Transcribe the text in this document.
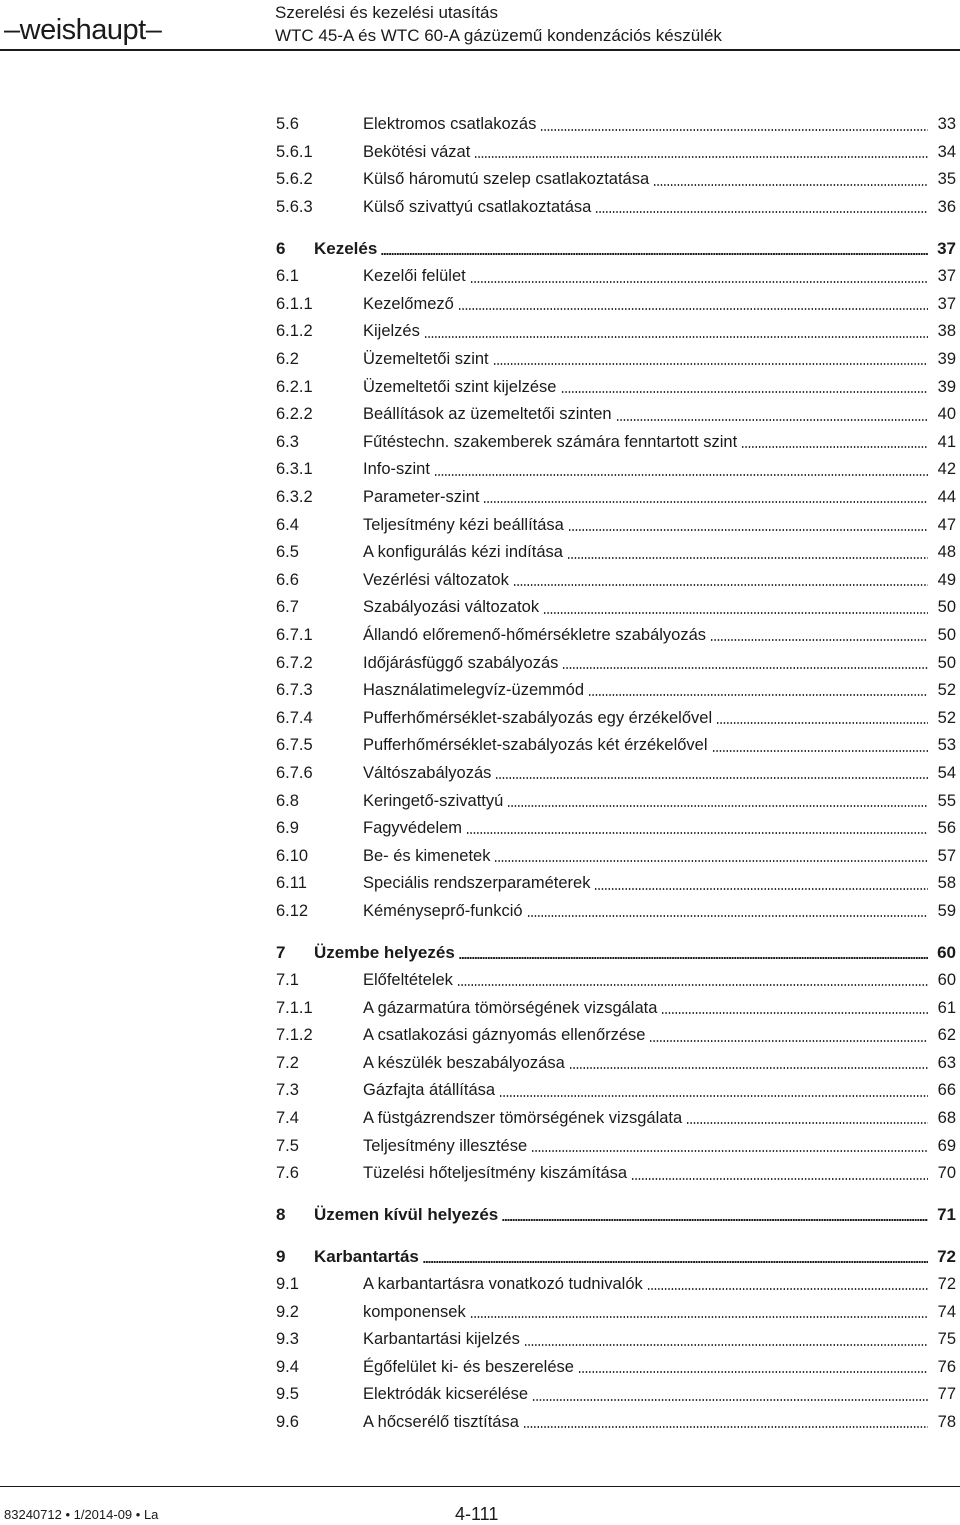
–weishaupt–
Szerelési és kezelési utasítás
WTC 45-A és WTC 60-A gázüzemű kondenzációs készülék
5.6	Elektromos csatlakozás	33
5.6.1	Bekötési vázat	34
5.6.2	Külső háromutú szelep csatlakoztatása	35
5.6.3	Külső szivattyú csatlakoztatása	36
6	Kezelés	37
6.1	Kezelői felület	37
6.1.1	Kezelőmező	37
6.1.2	Kijelzés	38
6.2	Üzemeltetői szint	39
6.2.1	Üzemeltetői szint kijelzése	39
6.2.2	Beállítások az üzemeltetői szinten	40
6.3	Fűtéstechn. szakemberek számára fenntartott szint	41
6.3.1	Info-szint	42
6.3.2	Parameter-szint	44
6.4	Teljesítmény kézi beállítása	47
6.5	A konfigurálás kézi indítása	48
6.6	Vezérlési változatok	49
6.7	Szabályozási változatok	50
6.7.1	Állandó előremenő-hőmérsékletre szabályozás	50
6.7.2	Időjárásfüggő szabályozás	50
6.7.3	Használatimelegvíz-üzemmód	52
6.7.4	Pufferhőmérséklet-szabályozás egy érzékelővel	52
6.7.5	Pufferhőmérséklet-szabályozás két érzékelővel	53
6.7.6	Váltószabályozás	54
6.8	Keringető-szivattyú	55
6.9	Fagyvédelem	56
6.10	Be- és kimenetek	57
6.11	Speciális rendszerparaméterek	58
6.12	Kéményseprő-funkció	59
7	Üzembe helyezés	60
7.1	Előfeltételek	60
7.1.1	A gázarmatúra tömörségének vizsgálata	61
7.1.2	A csatlakozási gáznyomás ellenőrzése	62
7.2	A készülék beszabályozása	63
7.3	Gázfajta átállítása	66
7.4	A füstgázrendszer tömörségének vizsgálata	68
7.5	Teljesítmény illesztése	69
7.6	Tüzelési hőteljesítmény kiszámítása	70
8	Üzemen kívül helyezés	71
9	Karbantartás	72
9.1	A karbantartásra vonatkozó tudnivalók	72
9.2	komponensek	74
9.3	Karbantartási kijelzés	75
9.4	Égőfelület ki- és beszerelése	76
9.5	Elektródák kicserélése	77
9.6	A hőcserélő tisztítása	78
83240712 • 1/2014-09 • La	4-111
